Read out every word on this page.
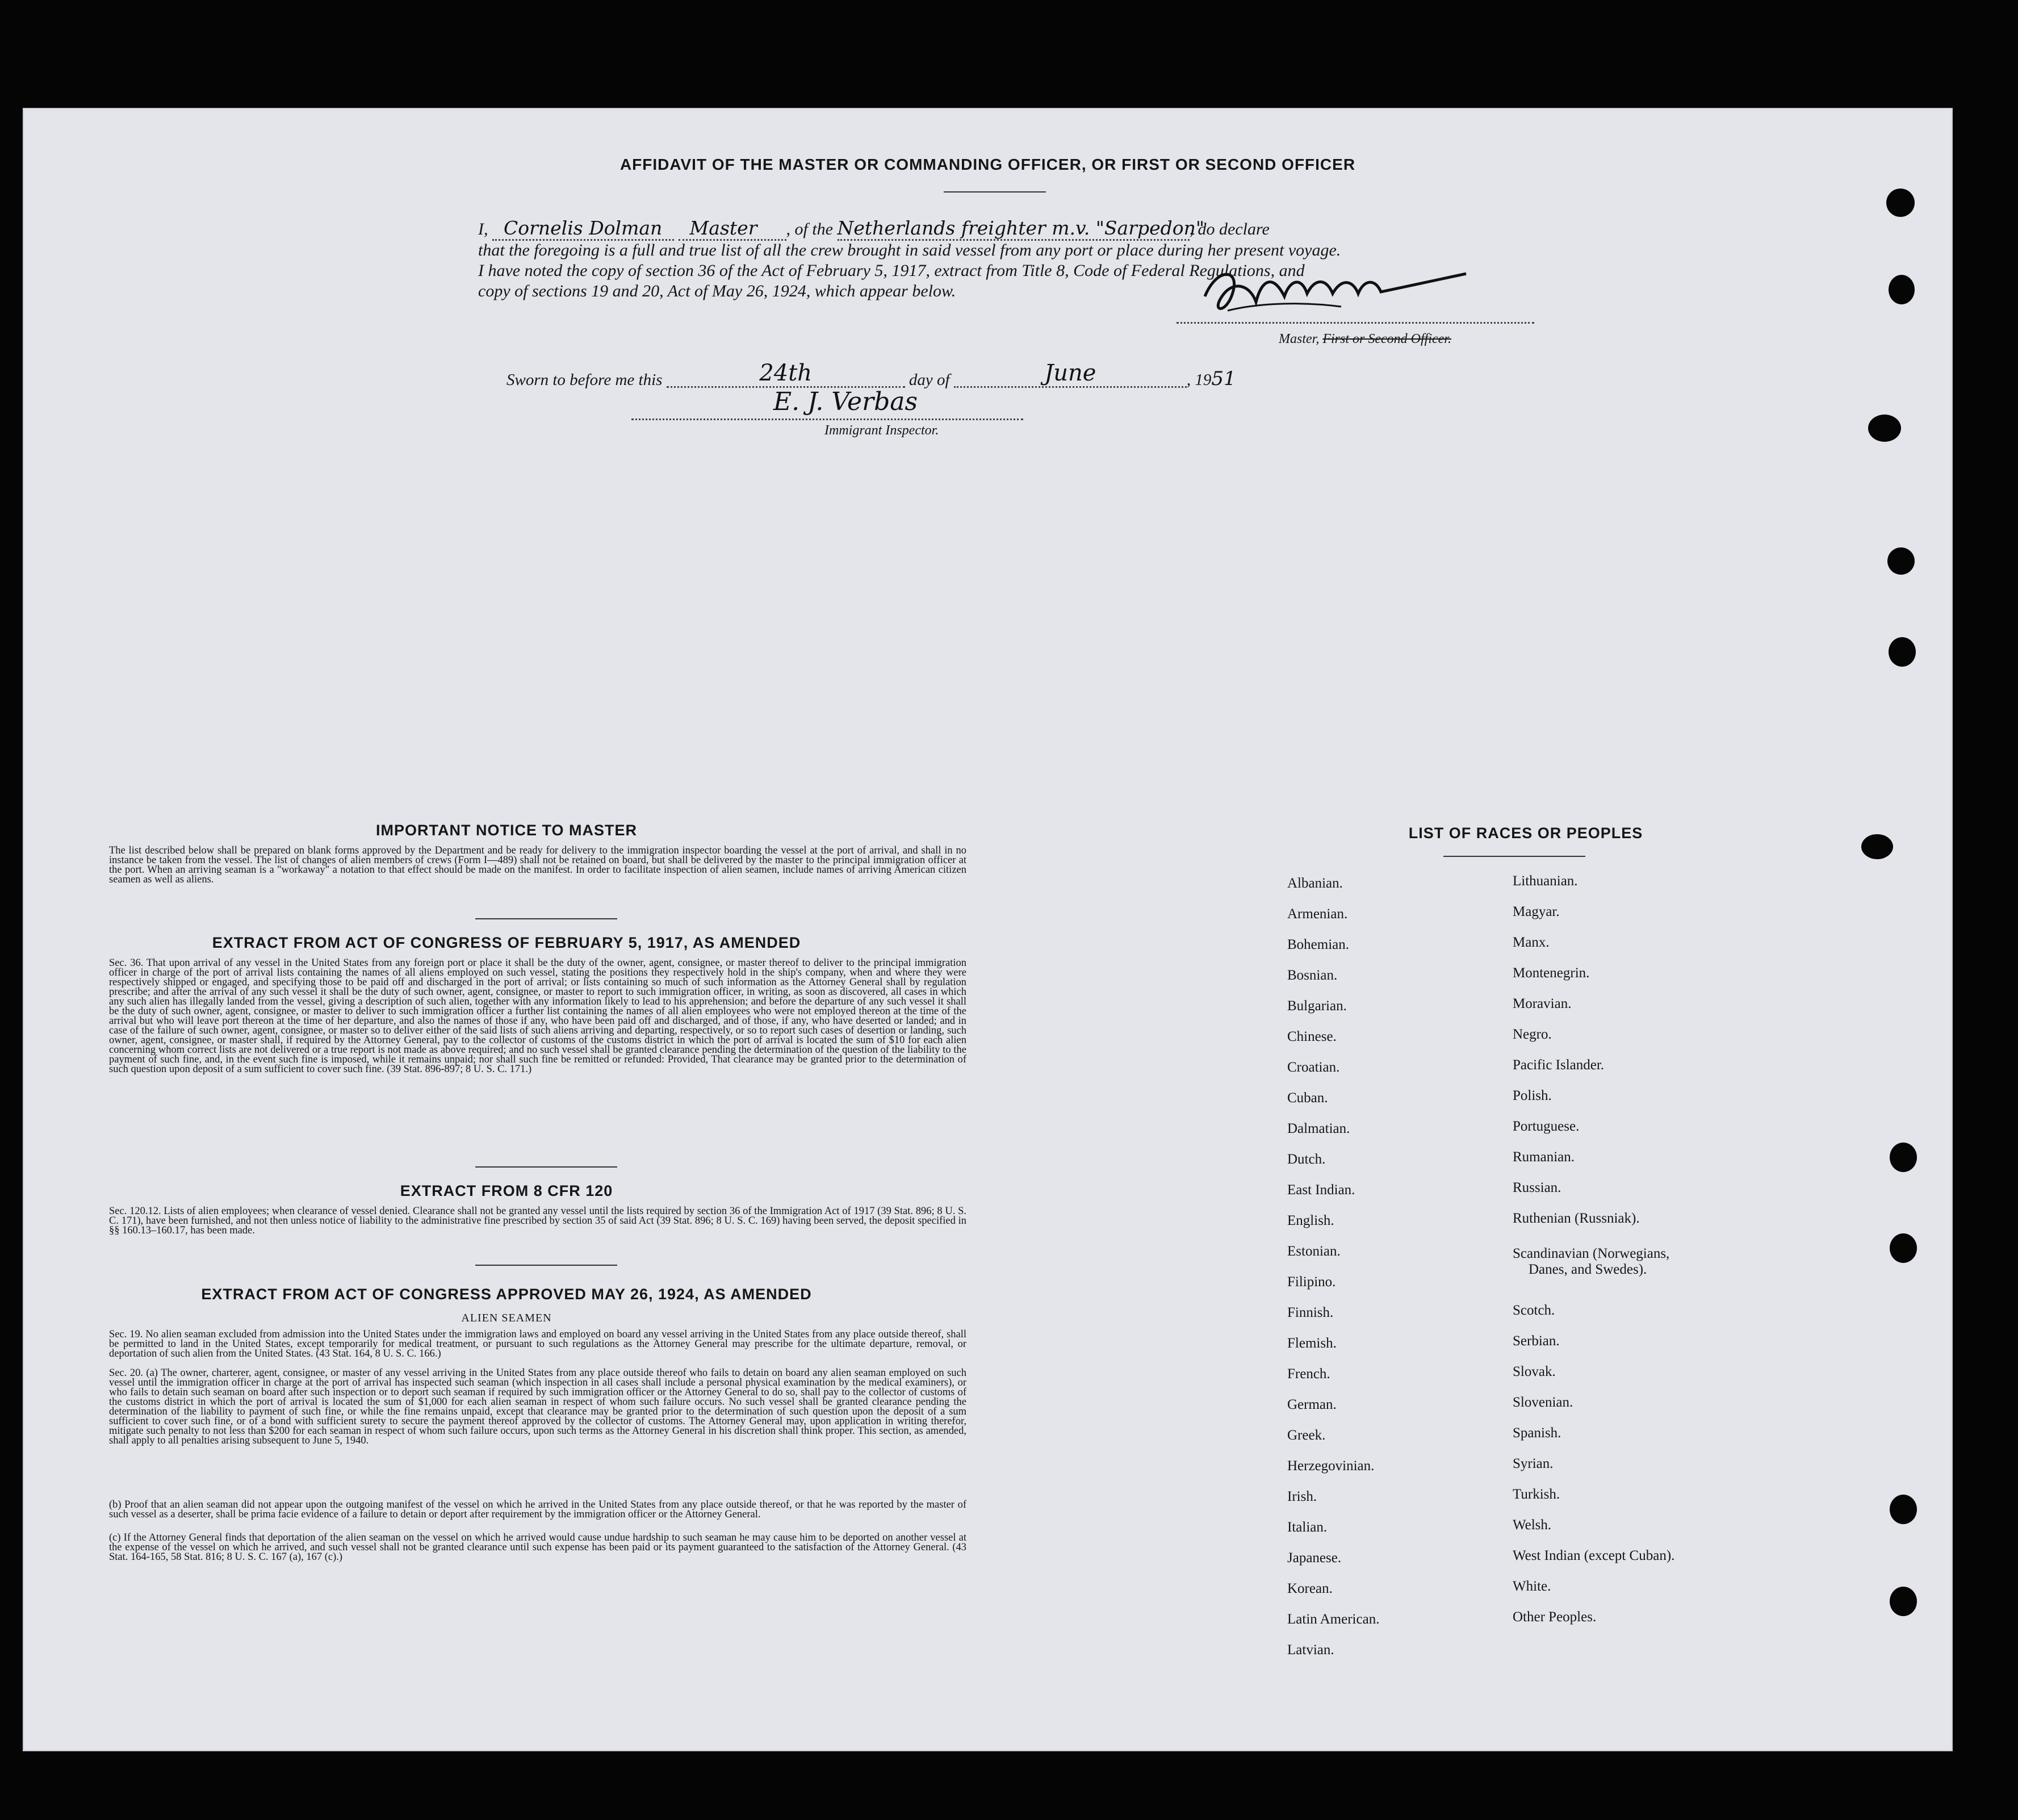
AFFIDAVIT OF THE MASTER OR COMMANDING OFFICER, OR FIRST OR SECOND OFFICER
I, Cornelis Dolman Master , of the Netherlands freighter m.v. "Sarpedon", do declare
that the foregoing is a full and true list of all the crew brought in said vessel from any port or place during her present voyage.
I have noted the copy of section 36 of the Act of February 5, 1917, extract from Title 8, Code of Federal Regulations, and
copy of sections 19 and 20, Act of May 26, 1924, which appear below.
Master, First or Second Officer.
Sworn to before me this	24th	day of	June	, 1951
E. J. Verbas
Immigrant Inspector.
IMPORTANT NOTICE TO MASTER
The list described below shall be prepared on blank forms approved by the Department and be ready for delivery to the immigration inspector boarding the vessel at the port of arrival, and shall in no instance be taken from the vessel. The list of changes of alien members of crews (Form I—489) shall not be retained on board, but shall be delivered by the master to the principal immigration officer at the port. When an arriving seaman is a "workaway" a notation to that effect should be made on the manifest. In order to facilitate inspection of alien seamen, include names of arriving American citizen seamen as well as aliens.
EXTRACT FROM ACT OF CONGRESS OF FEBRUARY 5, 1917, AS AMENDED
Sec. 36. That upon arrival of any vessel in the United States from any foreign port or place it shall be the duty of the owner, agent, consignee, or master thereof to deliver to the principal immigration officer in charge of the port of arrival lists containing the names of all aliens employed on such vessel, stating the positions they respectively hold in the ship's company, when and where they were respectively shipped or engaged, and specifying those to be paid off and discharged in the port of arrival; or lists containing so much of such information as the Attorney General shall by regulation prescribe; and after the arrival of any such vessel it shall be the duty of such owner, agent, consignee, or master to report to such immigration officer, in writing, as soon as discovered, all cases in which any such alien has illegally landed from the vessel, giving a description of such alien, together with any information likely to lead to his apprehension; and before the departure of any such vessel it shall be the duty of such owner, agent, consignee, or master to deliver to such immigration officer a further list containing the names of all alien employees who were not employed thereon at the time of the arrival but who will leave port thereon at the time of her departure, and also the names of those if any, who have been paid off and discharged, and of those, if any, who have deserted or landed; and in case of the failure of such owner, agent, consignee, or master so to deliver either of the said lists of such aliens arriving and departing, respectively, or so to report such cases of desertion or landing, such owner, agent, consignee, or master shall, if required by the Attorney General, pay to the collector of customs of the customs district in which the port of arrival is located the sum of $10 for each alien concerning whom correct lists are not delivered or a true report is not made as above required; and no such vessel shall be granted clearance pending the determination of the question of the liability to the payment of such fine, and, in the event such fine is imposed, while it remains unpaid; nor shall such fine be remitted or refunded: Provided, That clearance may be granted prior to the determination of such question upon deposit of a sum sufficient to cover such fine. (39 Stat. 896-897; 8 U. S. C. 171.)
EXTRACT FROM 8 CFR 120
Sec. 120.12. Lists of alien employees; when clearance of vessel denied. Clearance shall not be granted any vessel until the lists required by section 36 of the Immigration Act of 1917 (39 Stat. 896; 8 U. S. C. 171), have been furnished, and not then unless notice of liability to the administrative fine prescribed by section 35 of said Act (39 Stat. 896; 8 U. S. C. 169) having been served, the deposit specified in §§ 160.13–160.17, has been made.
EXTRACT FROM ACT OF CONGRESS APPROVED MAY 26, 1924, AS AMENDED
ALIEN SEAMEN
Sec. 19. No alien seaman excluded from admission into the United States under the immigration laws and employed on board any vessel arriving in the United States from any place outside thereof, shall be permitted to land in the United States, except temporarily for medical treatment, or pursuant to such regulations as the Attorney General may prescribe for the ultimate departure, removal, or deportation of such alien from the United States. (43 Stat. 164, 8 U. S. C. 166.)
Sec. 20. (a) The owner, charterer, agent, consignee, or master of any vessel arriving in the United States from any place outside thereof who fails to detain on board any alien seaman employed on such vessel until the immigration officer in charge at the port of arrival has inspected such seaman (which inspection in all cases shall include a personal physical examination by the medical examiners), or who fails to detain such seaman on board after such inspection or to deport such seaman if required by such immigration officer or the Attorney General to do so, shall pay to the collector of customs of the customs district in which the port of arrival is located the sum of $1,000 for each alien seaman in respect of whom such failure occurs. No such vessel shall be granted clearance pending the determination of the liability to payment of such fine, or while the fine remains unpaid, except that clearance may be granted prior to the determination of such question upon the deposit of a sum sufficient to cover such fine, or of a bond with sufficient surety to secure the payment thereof approved by the collector of customs. The Attorney General may, upon application in writing therefor, mitigate such penalty to not less than $200 for each seaman in respect of whom such failure occurs, upon such terms as the Attorney General in his discretion shall think proper. This section, as amended, shall apply to all penalties arising subsequent to June 5, 1940.
(b) Proof that an alien seaman did not appear upon the outgoing manifest of the vessel on which he arrived in the United States from any place outside thereof, or that he was reported by the master of such vessel as a deserter, shall be prima facie evidence of a failure to detain or deport after requirement by the immigration officer or the Attorney General.
(c) If the Attorney General finds that deportation of the alien seaman on the vessel on which he arrived would cause undue hardship to such seaman he may cause him to be deported on another vessel at the expense of the vessel on which he arrived, and such vessel shall not be granted clearance until such expense has been paid or its payment guaranteed to the satisfaction of the Attorney General. (43 Stat. 164-165, 58 Stat. 816; 8 U. S. C. 167 (a), 167 (c).)
LIST OF RACES OR PEOPLES
Albanian.
Armenian.
Bohemian.
Bosnian.
Bulgarian.
Chinese.
Croatian.
Cuban.
Dalmatian.
Dutch.
East Indian.
English.
Estonian.
Filipino.
Finnish.
Flemish.
French.
German.
Greek.
Herzegovinian.
Irish.
Italian.
Japanese.
Korean.
Latin American.
Latvian.
Lithuanian.
Magyar.
Manx.
Montenegrin.
Moravian.
Negro.
Pacific Islander.
Polish.
Portuguese.
Rumanian.
Russian.
Ruthenian (Russniak).
Scandinavian (Norwegians,
Danes, and Swedes).
Scotch.
Serbian.
Slovak.
Slovenian.
Spanish.
Syrian.
Turkish.
Welsh.
West Indian (except Cuban).
White.
Other Peoples.
